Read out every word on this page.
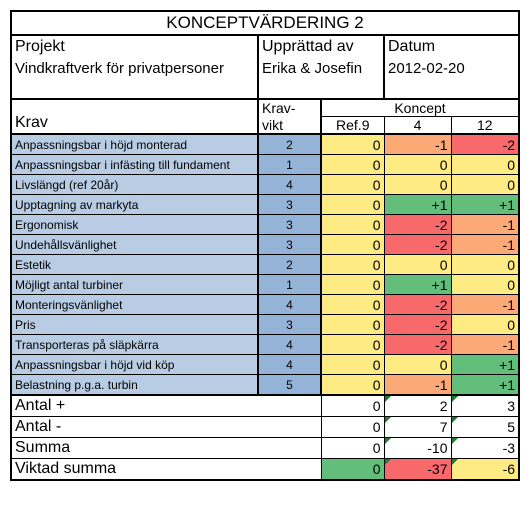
KONCEPTVÄRDERING 2				
Projekt	Upprättad av		Datum	
Vindkraftverk för privatpersoner	Erika & Josefin		2012-02-20	

Krav	Krav-	Koncept		
	vikt	Ref.9	4	12
Anpassningsbar i höjd monterad	2	0	-1	-2
Anpassningsbar i infästing till fundament	1	0	0	0
Livslängd (ref 20år)	4	0	0	0
Upptagning av markyta	3	0	+1	+1
Ergonomisk	3	0	-2	-1
Undehållsvänlighet	3	0	-2	-1
Estetik	2	0	0	0
Möjligt antal turbiner	1	0	+1	0
Monteringsvänlighet	4	0	-2	-1
Pris	3	0	-2	0
Transporteras på släpkärra	4	0	-2	-1
Anpassningsbar i höjd vid köp	4	0	0	+1
Belastning p.g.a. turbin	5	0	-1	+1
Antal +		0	2	3
Antal -		0	7	5
Summa		0	-10	-3
Viktad summa		0	-37	-6
